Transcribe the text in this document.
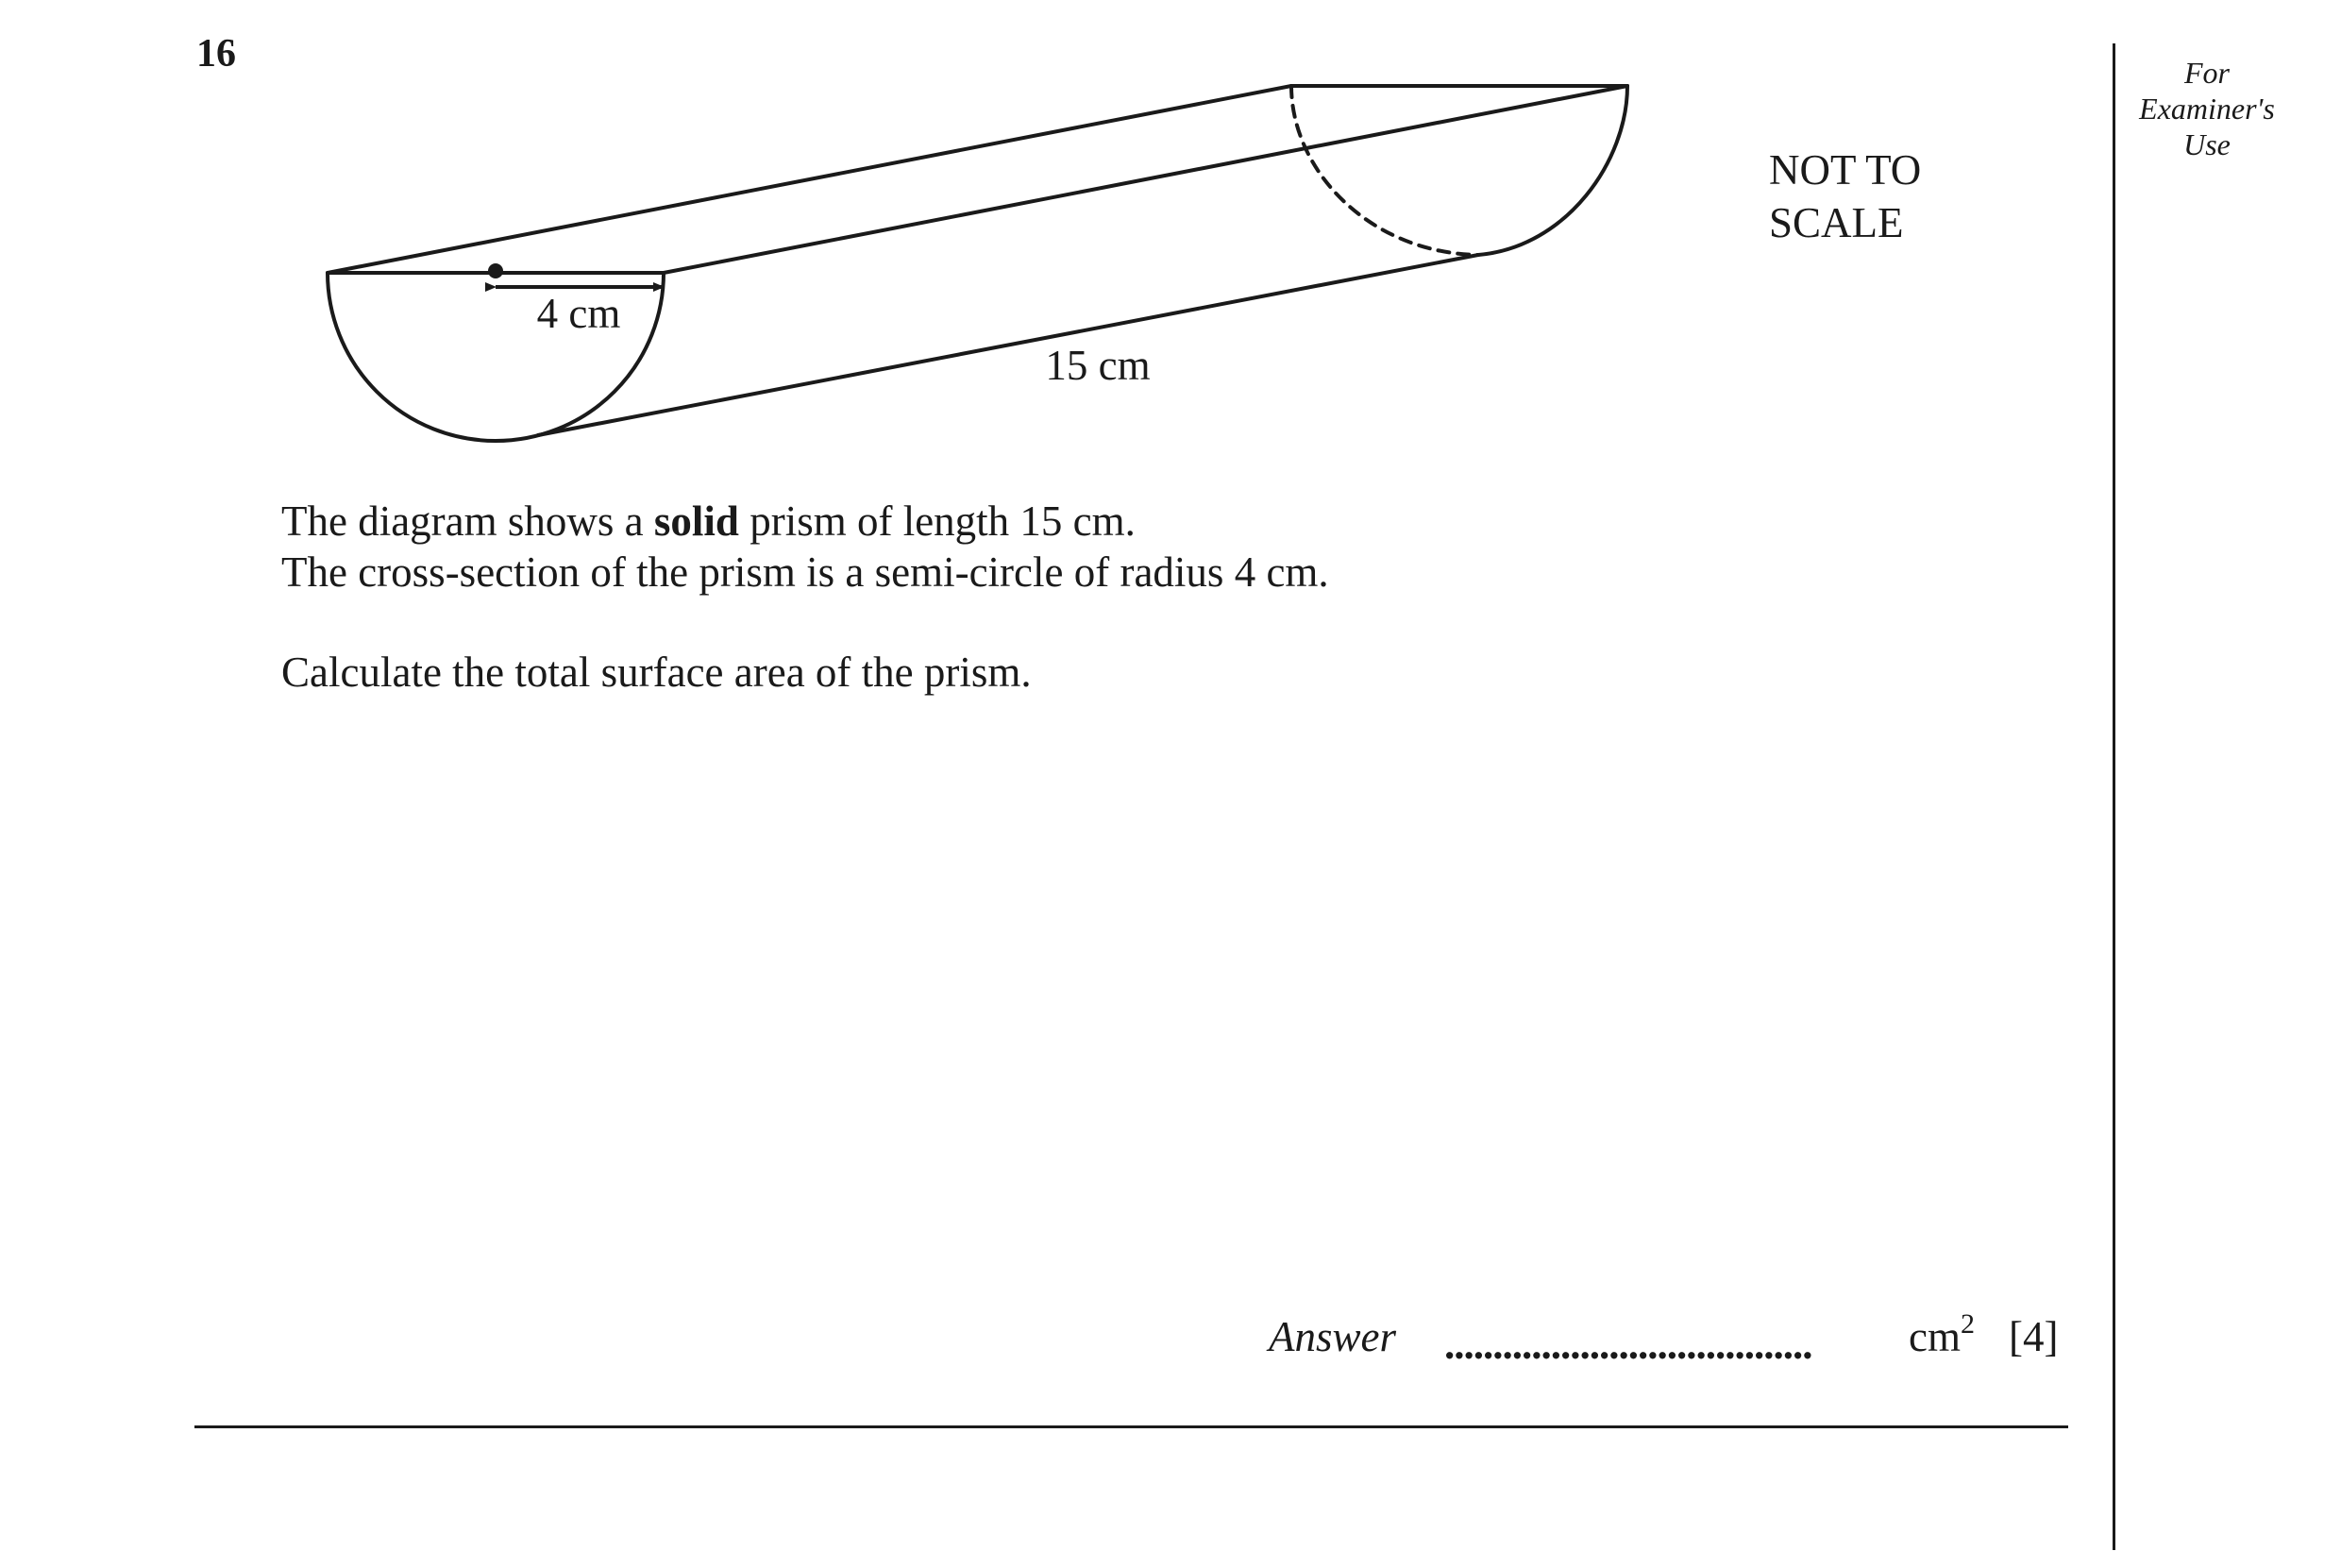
16	For
Examiner's
Use
4 cm
15 cm
NOT TO
SCALE
The diagram shows a solid prism of length 15 cm.
The cross-section of the prism is a semi-circle of radius 4 cm.
Calculate the total surface area of the prism.
Answer ......................................	$cm^2$ [4]
